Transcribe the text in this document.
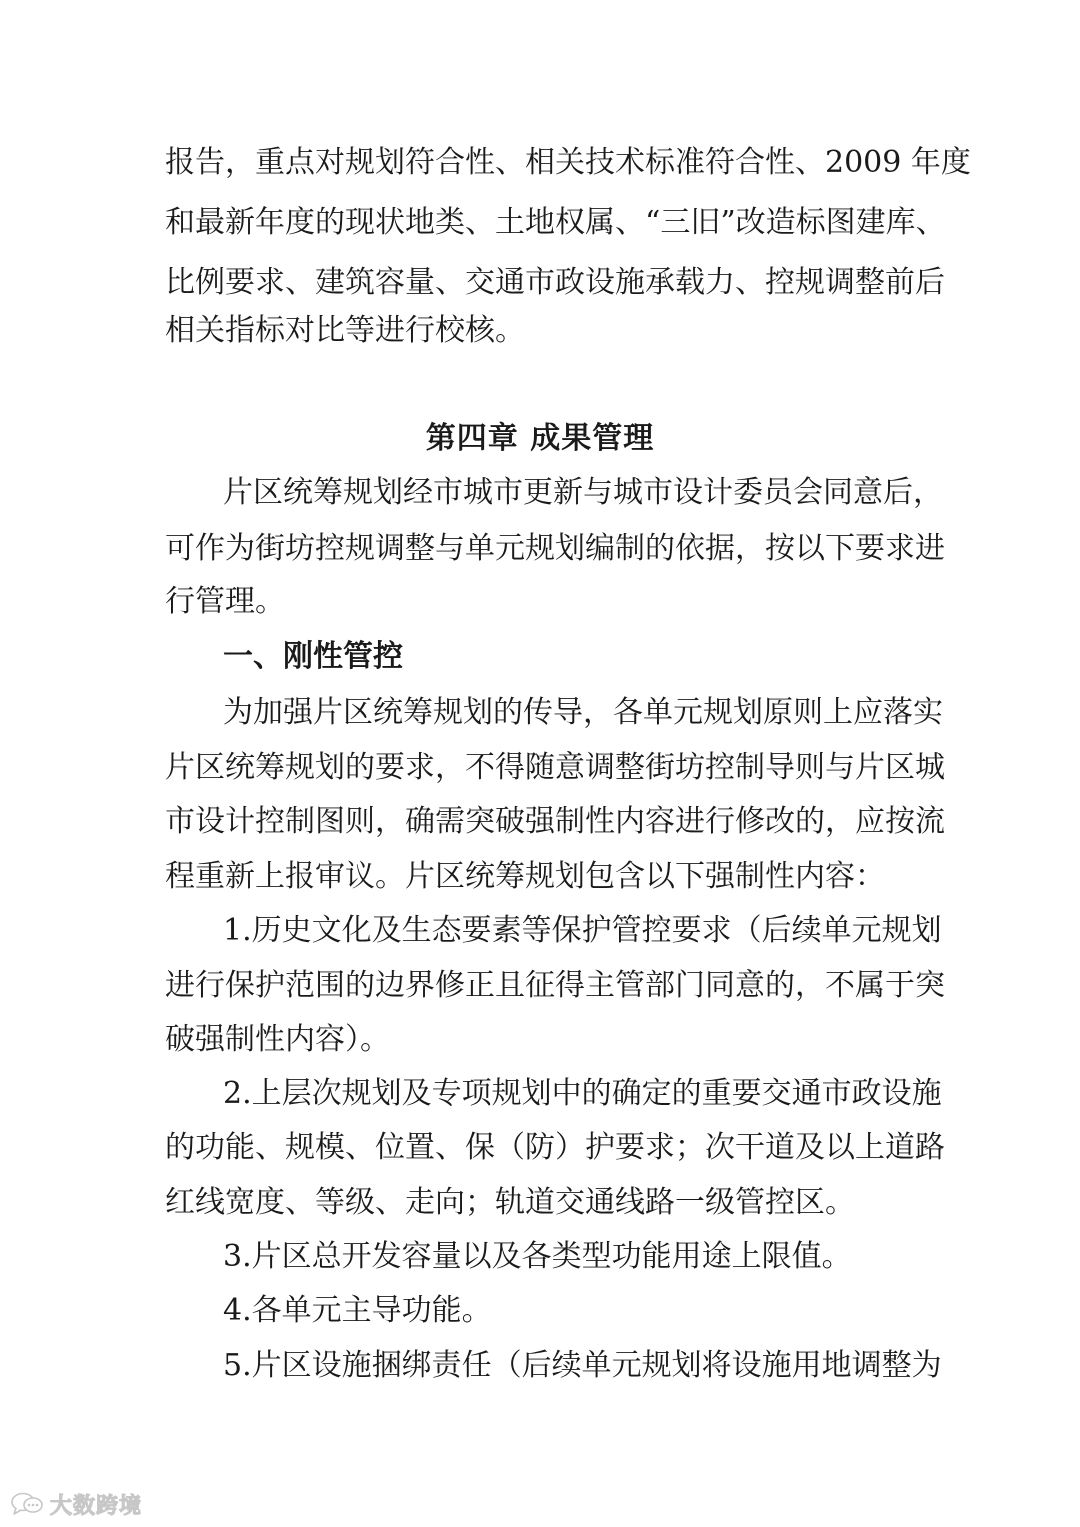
报告，重点对规划符合性、相关技术标准符合性、2009 年度
和最新年度的现状地类、土地权属、“三旧”改造标图建库、
比例要求、建筑容量、交通市政设施承载力、控规调整前后
相关指标对比等进行校核。
第四章 成果管理
片区统筹规划经市城市更新与城市设计委员会同意后，
可作为街坊控规调整与单元规划编制的依据，按以下要求进
行管理。
一、刚性管控
为加强片区统筹规划的传导，各单元规划原则上应落实
片区统筹规划的要求，不得随意调整街坊控制导则与片区城
市设计控制图则，确需突破强制性内容进行修改的，应按流
程重新上报审议。片区统筹规划包含以下强制性内容：
1.历史文化及生态要素等保护管控要求（后续单元规划
进行保护范围的边界修正且征得主管部门同意的，不属于突
破强制性内容）。
2.上层次规划及专项规划中的确定的重要交通市政设施
的功能、规模、位置、保（防）护要求；次干道及以上道路
红线宽度、等级、走向；轨道交通线路一级管控区。
3.片区总开发容量以及各类型功能用途上限值。
4.各单元主导功能。
5.片区设施捆绑责任（后续单元规划将设施用地调整为
大数跨境
